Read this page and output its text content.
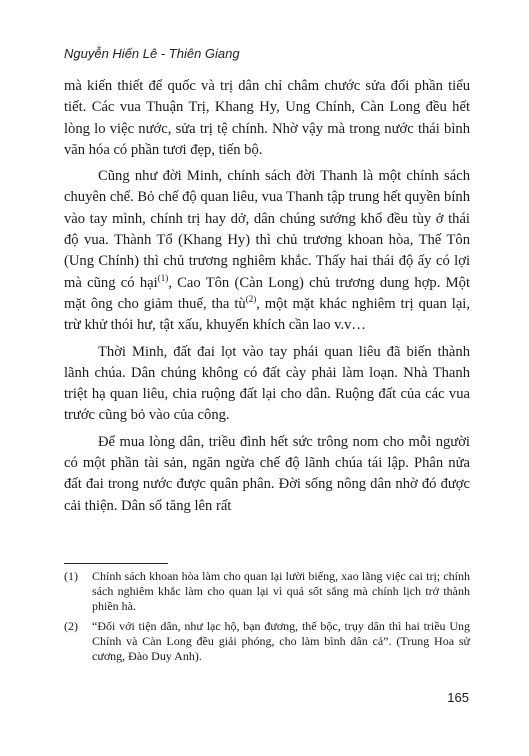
Nguyễn Hiến Lê - Thiên Giang

mà kiến thiết để quốc và trị dân chỉ châm chước sửa đổi phần tiểu tiết. Các vua Thuận Trị, Khang Hy, Ung Chính, Càn Long đều hết lòng lo việc nước, sửa trị tệ chính. Nhờ vậy mà trong nước thái bình văn hóa có phần tươi đẹp, tiến bộ.

Cũng như đời Minh, chính sách đời Thanh là một chính sách chuyên chế. Bỏ chế độ quan liêu, vua Thanh tập trung hết quyền bính vào tay mình, chính trị hay dở, dân chúng sướng khổ đều tùy ở thái độ vua. Thành Tổ (Khang Hy) thì chủ trương khoan hòa, Thế Tôn (Ung Chính) thì chủ trương nghiêm khắc. Thấy hai thái độ ấy có lợi mà cũng có hại$^{(1)}$, Cao Tôn (Càn Long) chủ trương dung hợp. Một mặt ông cho giảm thuế, tha $tù^{(2)}$, một mặt khác nghiêm trị quan lại, trừ khử thói hư, tật xấu, khuyến khích cần lao v.v…

Thời Minh, đất đai lọt vào tay phái quan liêu đã biến thành lãnh chúa. Dân chúng không có đất cày phải làm loạn. Nhà Thanh triệt hạ quan liêu, chia ruộng đất lại cho dân. Ruộng đất của các vua trước cũng bỏ vào của công.

Để mua lòng dân, triều đình hết sức trông nom cho mỗi người có một phần tài sản, ngăn ngừa chế độ lãnh chúa tái lập. Phân nửa đất đai trong nước được quân phân. Đời sống nông dân nhờ đó được cải thiện. Dân số tăng lên rất

(1)	Chính sách khoan hòa làm cho quan lại lười biếng, xao lãng việc cai trị; chính sách nghiêm khắc làm cho quan lại vì quá sốt sắng mà chính lịch trở thành phiền hà.
(2)	“Đối với tiện dân, như lạc hộ, bạn đương, thế bộc, trụy dân thì hai triều Ung Chính và Càn Long đều giải phóng, cho làm bình dân cả”. (Trung Hoa sử cương, Đào Duy Anh).
165
